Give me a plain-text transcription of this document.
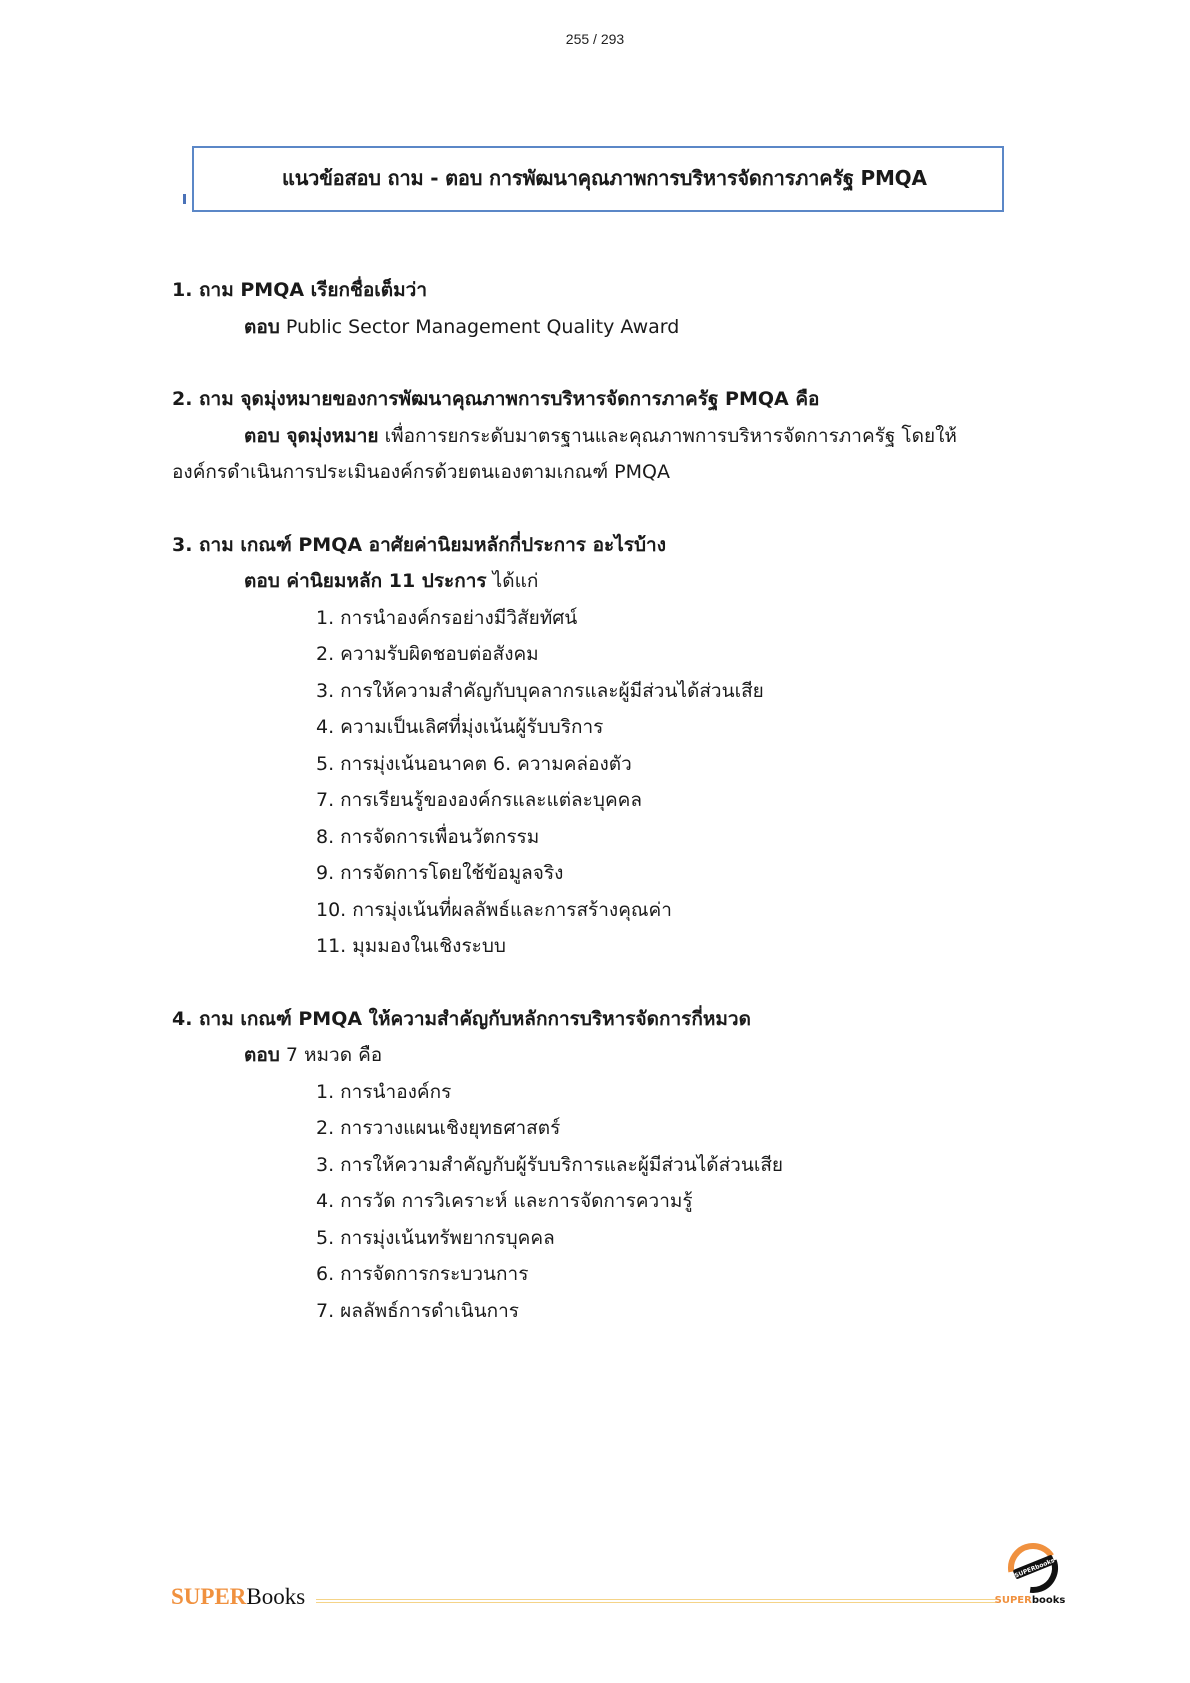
255 / 293
แนวข้อสอบ ถาม - ตอบ การพัฒนาคุณภาพการบริหารจัดการภาครัฐ PMQA
1. ถาม PMQA เรียกชื่อเต็มว่า
ตอบ Public Sector Management Quality Award
2. ถาม จุดมุ่งหมายของการพัฒนาคุณภาพการบริหารจัดการภาครัฐ PMQA คือ
ตอบ จุดมุ่งหมาย เพื่อการยกระดับมาตรฐานและคุณภาพการบริหารจัดการภาครัฐ โดยให้
องค์กรดำเนินการประเมินองค์กรด้วยตนเองตามเกณฑ์ PMQA
3. ถาม เกณฑ์ PMQA อาศัยค่านิยมหลักกี่ประการ อะไรบ้าง
ตอบ ค่านิยมหลัก 11 ประการ ได้แก่
1. การนำองค์กรอย่างมีวิสัยทัศน์
2. ความรับผิดชอบต่อสังคม
3. การให้ความสำคัญกับบุคลากรและผู้มีส่วนได้ส่วนเสีย
4. ความเป็นเลิศที่มุ่งเน้นผู้รับบริการ
5. การมุ่งเน้นอนาคต 6. ความคล่องตัว
7. การเรียนรู้ขององค์กรและแต่ละบุคคล
8. การจัดการเพื่อนวัตกรรม
9. การจัดการโดยใช้ข้อมูลจริง
10. การมุ่งเน้นที่ผลลัพธ์และการสร้างคุณค่า
11. มุมมองในเชิงระบบ
4. ถาม เกณฑ์ PMQA ให้ความสำคัญกับหลักการบริหารจัดการกี่หมวด
ตอบ 7 หมวด คือ
1. การนำองค์กร
2. การวางแผนเชิงยุทธศาสตร์
3. การให้ความสำคัญกับผู้รับบริการและผู้มีส่วนได้ส่วนเสีย
4. การวัด การวิเคราะห์ และการจัดการความรู้
5. การมุ่งเน้นทรัพยากรบุคคล
6. การจัดการกระบวนการ
7. ผลลัพธ์การดำเนินการ
SUPERBooks
SUPERbooks
SUPERbooks
